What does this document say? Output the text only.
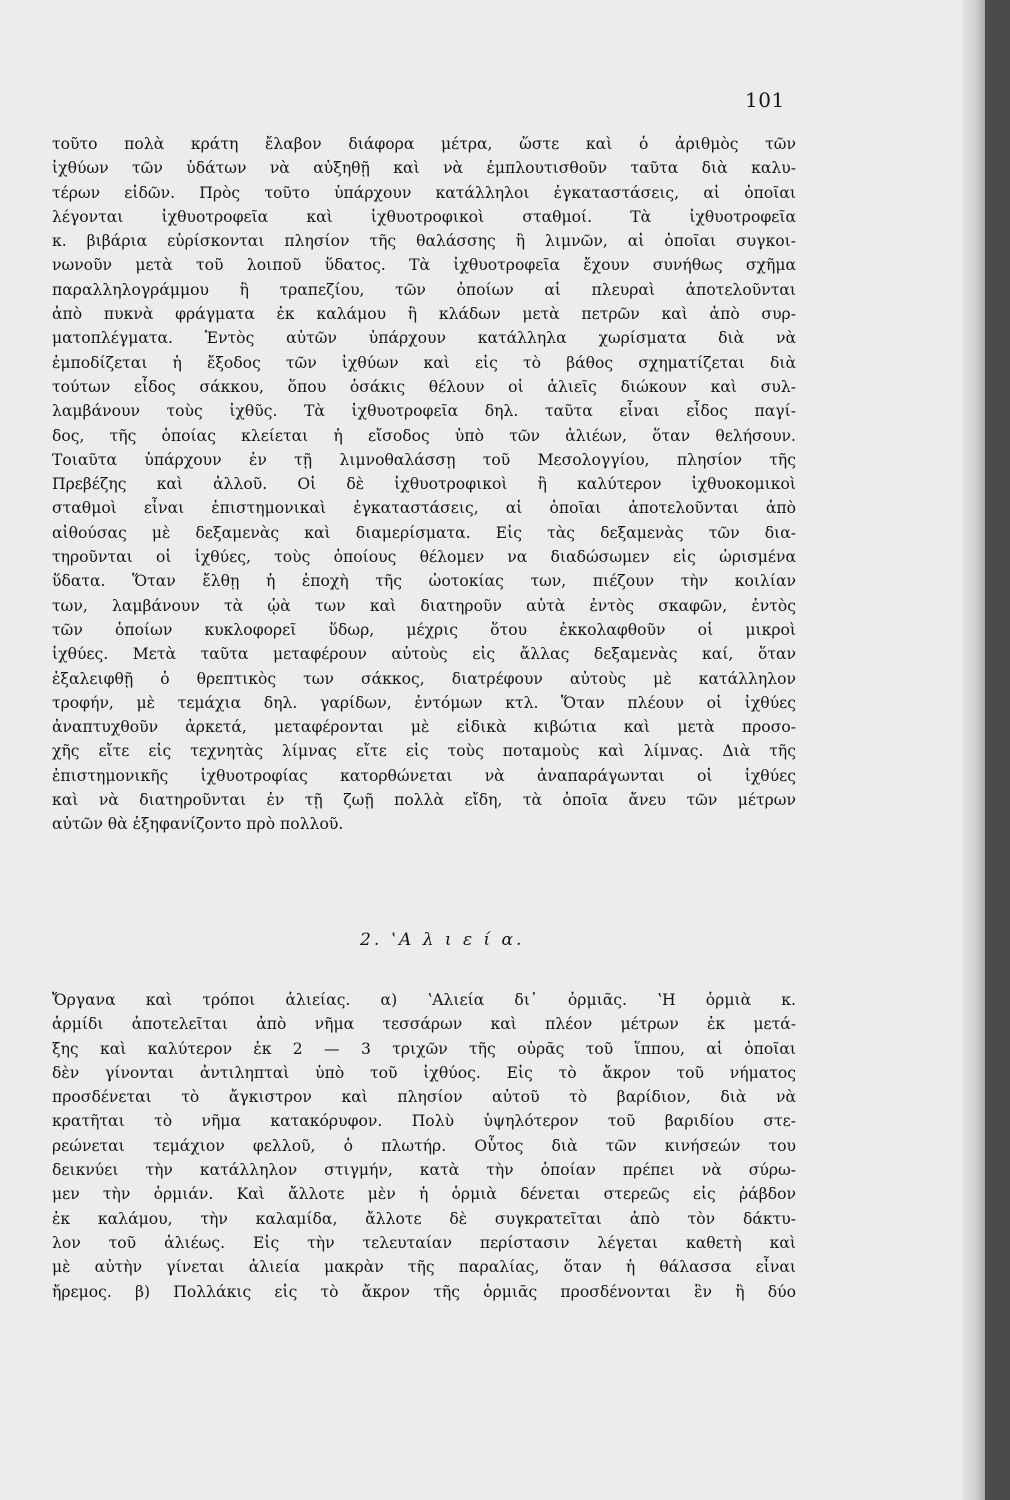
101
τοῦτο πολὰ κράτη ἔλαβον διάφορα μέτρα, ὥστε καὶ ὁ ἀριθμὸς τῶν
ἰχθύων τῶν ὑδάτων νὰ αὐξηθῇ καὶ νὰ ἐμπλουτισθοῦν ταῦτα διὰ καλυ-
τέρων εἰδῶν. Πρὸς τοῦτο ὑπάρχουν κατάλληλοι ἐγκαταστάσεις, αἱ ὁποῖαι
λέγονται ἰχθυοτροφεῖα καὶ ἰχθυοτροφικοὶ σταθμοί. Τὰ ἰχθυοτροφεῖα
κ. βιβάρια εὑρίσκονται πλησίον τῆς θαλάσσης ἢ λιμνῶν, αἱ ὁποῖαι συγκοι-
νωνοῦν μετὰ τοῦ λοιποῦ ὕδατος. Τὰ ἰχθυοτροφεῖα ἔχουν συνήθως σχῆμα
παραλληλογράμμου ἢ τραπεζίου, τῶν ὁποίων αἱ πλευραὶ ἀποτελοῦνται
ἀπὸ πυκνὰ φράγματα ἐκ καλάμου ἢ κλάδων μετὰ πετρῶν καὶ ἀπὸ συρ-
ματοπλέγματα. Ἐντὸς αὐτῶν ὑπάρχουν κατάλληλα χωρίσματα διὰ νὰ
ἐμποδίζεται ἡ ἔξοδος τῶν ἰχθύων καὶ εἰς τὸ βάθος σχηματίζεται διὰ
τούτων εἶδος σάκκου, ὅπου ὁσάκις θέλουν οἱ ἁλιεῖς διώκουν καὶ συλ-
λαμβάνουν τοὺς ἰχθῦς. Τὰ ἰχθυοτροφεῖα δηλ. ταῦτα εἶναι εἶδος παγί-
δος, τῆς ὁποίας κλείεται ἡ εἴσοδος ὑπὸ τῶν ἁλιέων, ὅταν θελήσουν.
Τοιαῦτα ὑπάρχουν ἐν τῇ λιμνοθαλάσσῃ τοῦ Μεσολογγίου, πλησίον τῆς
Πρεβέζης καὶ ἀλλοῦ. Οἱ δὲ ἰχθυοτροφικοὶ ἢ καλύτερον ἰχθυοκομικοὶ
σταθμοὶ εἶναι ἐπιστημονικαὶ ἐγκαταστάσεις, αἱ ὁποῖαι ἀποτελοῦνται ἀπὸ
αἰθούσας μὲ δεξαμενὰς καὶ διαμερίσματα. Εἰς τὰς δεξαμενὰς τῶν δια-
τηροῦνται οἱ ἰχθύες, τοὺς ὁποίους θέλομεν να διαδώσωμεν εἰς ὡρισμένα
ὕδατα. Ὅταν ἔλθῃ ἡ ἐποχὴ τῆς ὠοτοκίας των, πιέζουν τὴν κοιλίαν
των, λαμβάνουν τὰ ᾠὰ των καὶ διατηροῦν αὐτὰ ἐντὸς σκαφῶν, ἐντὸς
τῶν ὁποίων κυκλοφορεῖ ὕδωρ, μέχρις ὅτου ἐκκολαφθοῦν οἱ μικροὶ
ἰχθύες. Μετὰ ταῦτα μεταφέρουν αὐτοὺς εἰς ἄλλας δεξαμενὰς καί, ὅταν
ἐξαλειφθῇ ὁ θρεπτικὸς των σάκκος, διατρέφουν αὐτοὺς μὲ κατάλληλον
τροφήν, μὲ τεμάχια δηλ. γαρίδων, ἐντόμων κτλ. Ὅταν πλέουν οἱ ἰχθύες
ἀναπτυχθοῦν ἀρκετά, μεταφέρονται μὲ εἰδικὰ κιβώτια καὶ μετὰ προσο-
χῆς εἴτε εἰς τεχνητὰς λίμνας εἴτε εἰς τοὺς ποταμοὺς καὶ λίμνας. Διὰ τῆς
ἐπιστημονικῆς ἰχθυοτροφίας κατορθώνεται νὰ ἀναπαράγωνται οἱ ἰχθύες
καὶ νὰ διατηροῦνται ἐν τῇ ζωῇ πολλὰ εἴδη, τὰ ὁποῖα ἄνευ τῶν μέτρων
αὐτῶν θὰ ἐξηφανίζοντο πρὸ πολλοῦ.
2. ʽΑ λ ι ε ί α.
Ὄργανα καὶ τρόποι ἁλιείας. α) ʽΑλιεία δι᾽ ὁρμιᾶς. ʽΗ ὁρμιὰ κ.
ἀρμίδι ἀποτελεῖται ἀπὸ νῆμα τεσσάρων καὶ πλέον μέτρων ἐκ μετά-
ξης καὶ καλύτερον ἐκ 2 — 3 τριχῶν τῆς οὐρᾶς τοῦ ἵππου, αἱ ὁποῖαι
δὲν γίνονται ἀντιληπταὶ ὑπὸ τοῦ ἰχθύος. Εἰς τὸ ἄκρον τοῦ νήματος
προσδένεται τὸ ἄγκιστρον καὶ πλησίον αὐτοῦ τὸ βαρίδιον, διὰ νὰ
κρατῆται τὸ νῆμα κατακόρυφον. Πολὺ ὑψηλότερον τοῦ βαριδίου στε-
ρεώνεται τεμάχιον φελλοῦ, ὁ πλωτήρ. Οὗτος διὰ τῶν κινήσεών του
δεικνύει τὴν κατάλληλον στιγμήν, κατὰ τὴν ὁποίαν πρέπει νὰ σύρω-
μεν τὴν ὁρμιάν. Καὶ ἄλλοτε μὲν ἡ ὁρμιὰ δένεται στερεῶς εἰς ῥάβδον
ἐκ καλάμου, τὴν καλαμίδα, ἄλλοτε δὲ συγκρατεῖται ἀπὸ τὸν δάκτυ-
λον τοῦ ἁλιέως. Εἰς τὴν τελευταίαν περίστασιν λέγεται καθετὴ καὶ
μὲ αὐτὴν γίνεται ἁλιεία μακρὰν τῆς παραλίας, ὅταν ἡ θάλασσα εἶναι
ἤρεμος. β) Πολλάκις εἰς τὸ ἄκρον τῆς ὁρμιᾶς προσδένονται ἓν ἢ δύο
